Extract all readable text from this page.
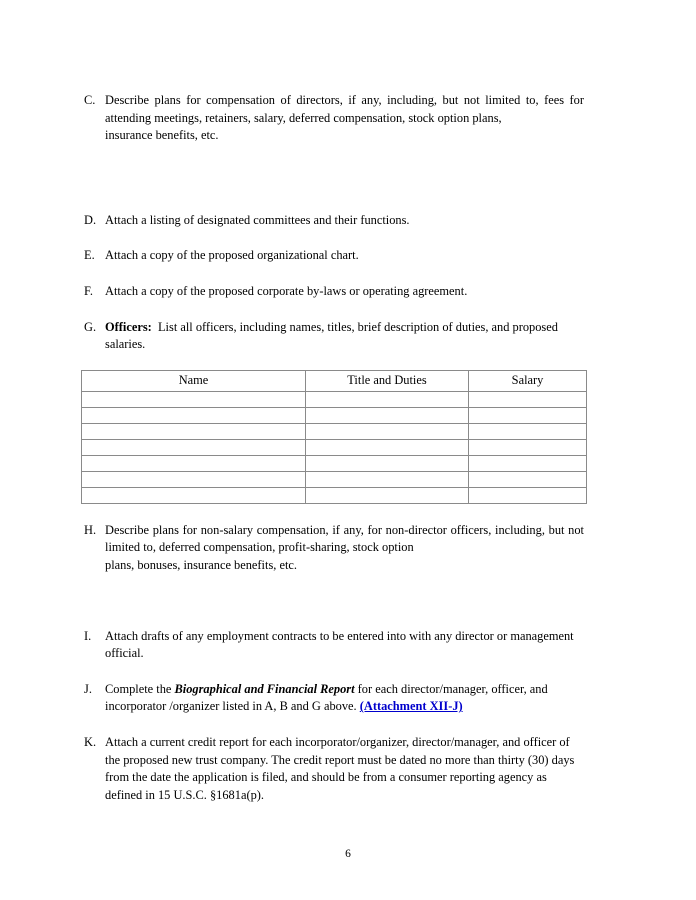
C. Describe plans for compensation of directors, if any, including, but not limited to, fees for attending meetings, retainers, salary, deferred compensation, stock option plans,
insurance benefits, etc.
D. Attach a listing of designated committees and their functions.
E. Attach a copy of the proposed organizational chart.
F. Attach a copy of the proposed corporate by-laws or operating agreement.
G. Officers: List all officers, including names, titles, brief description of duties, and proposed salaries.
Name	Title and Duties	Salary

H. Describe plans for non-salary compensation, if any, for non-director officers, including, but not limited to, deferred compensation, profit-sharing, stock option
plans, bonuses, insurance benefits, etc.
I.	Attach drafts of any employment contracts to be entered into with any director or management official.
J.	Complete the Biographical and Financial Report for each director/manager, officer, and incorporator /organizer listed in A, B and G above. (Attachment XII-J)
K. Attach a current credit report for each incorporator/organizer, director/manager, and officer of the proposed new trust company. The credit report must be dated no more than thirty (30) days from the date the application is filed, and should be from a consumer reporting agency as defined in 15 U.S.C. §1681a(p).
6
